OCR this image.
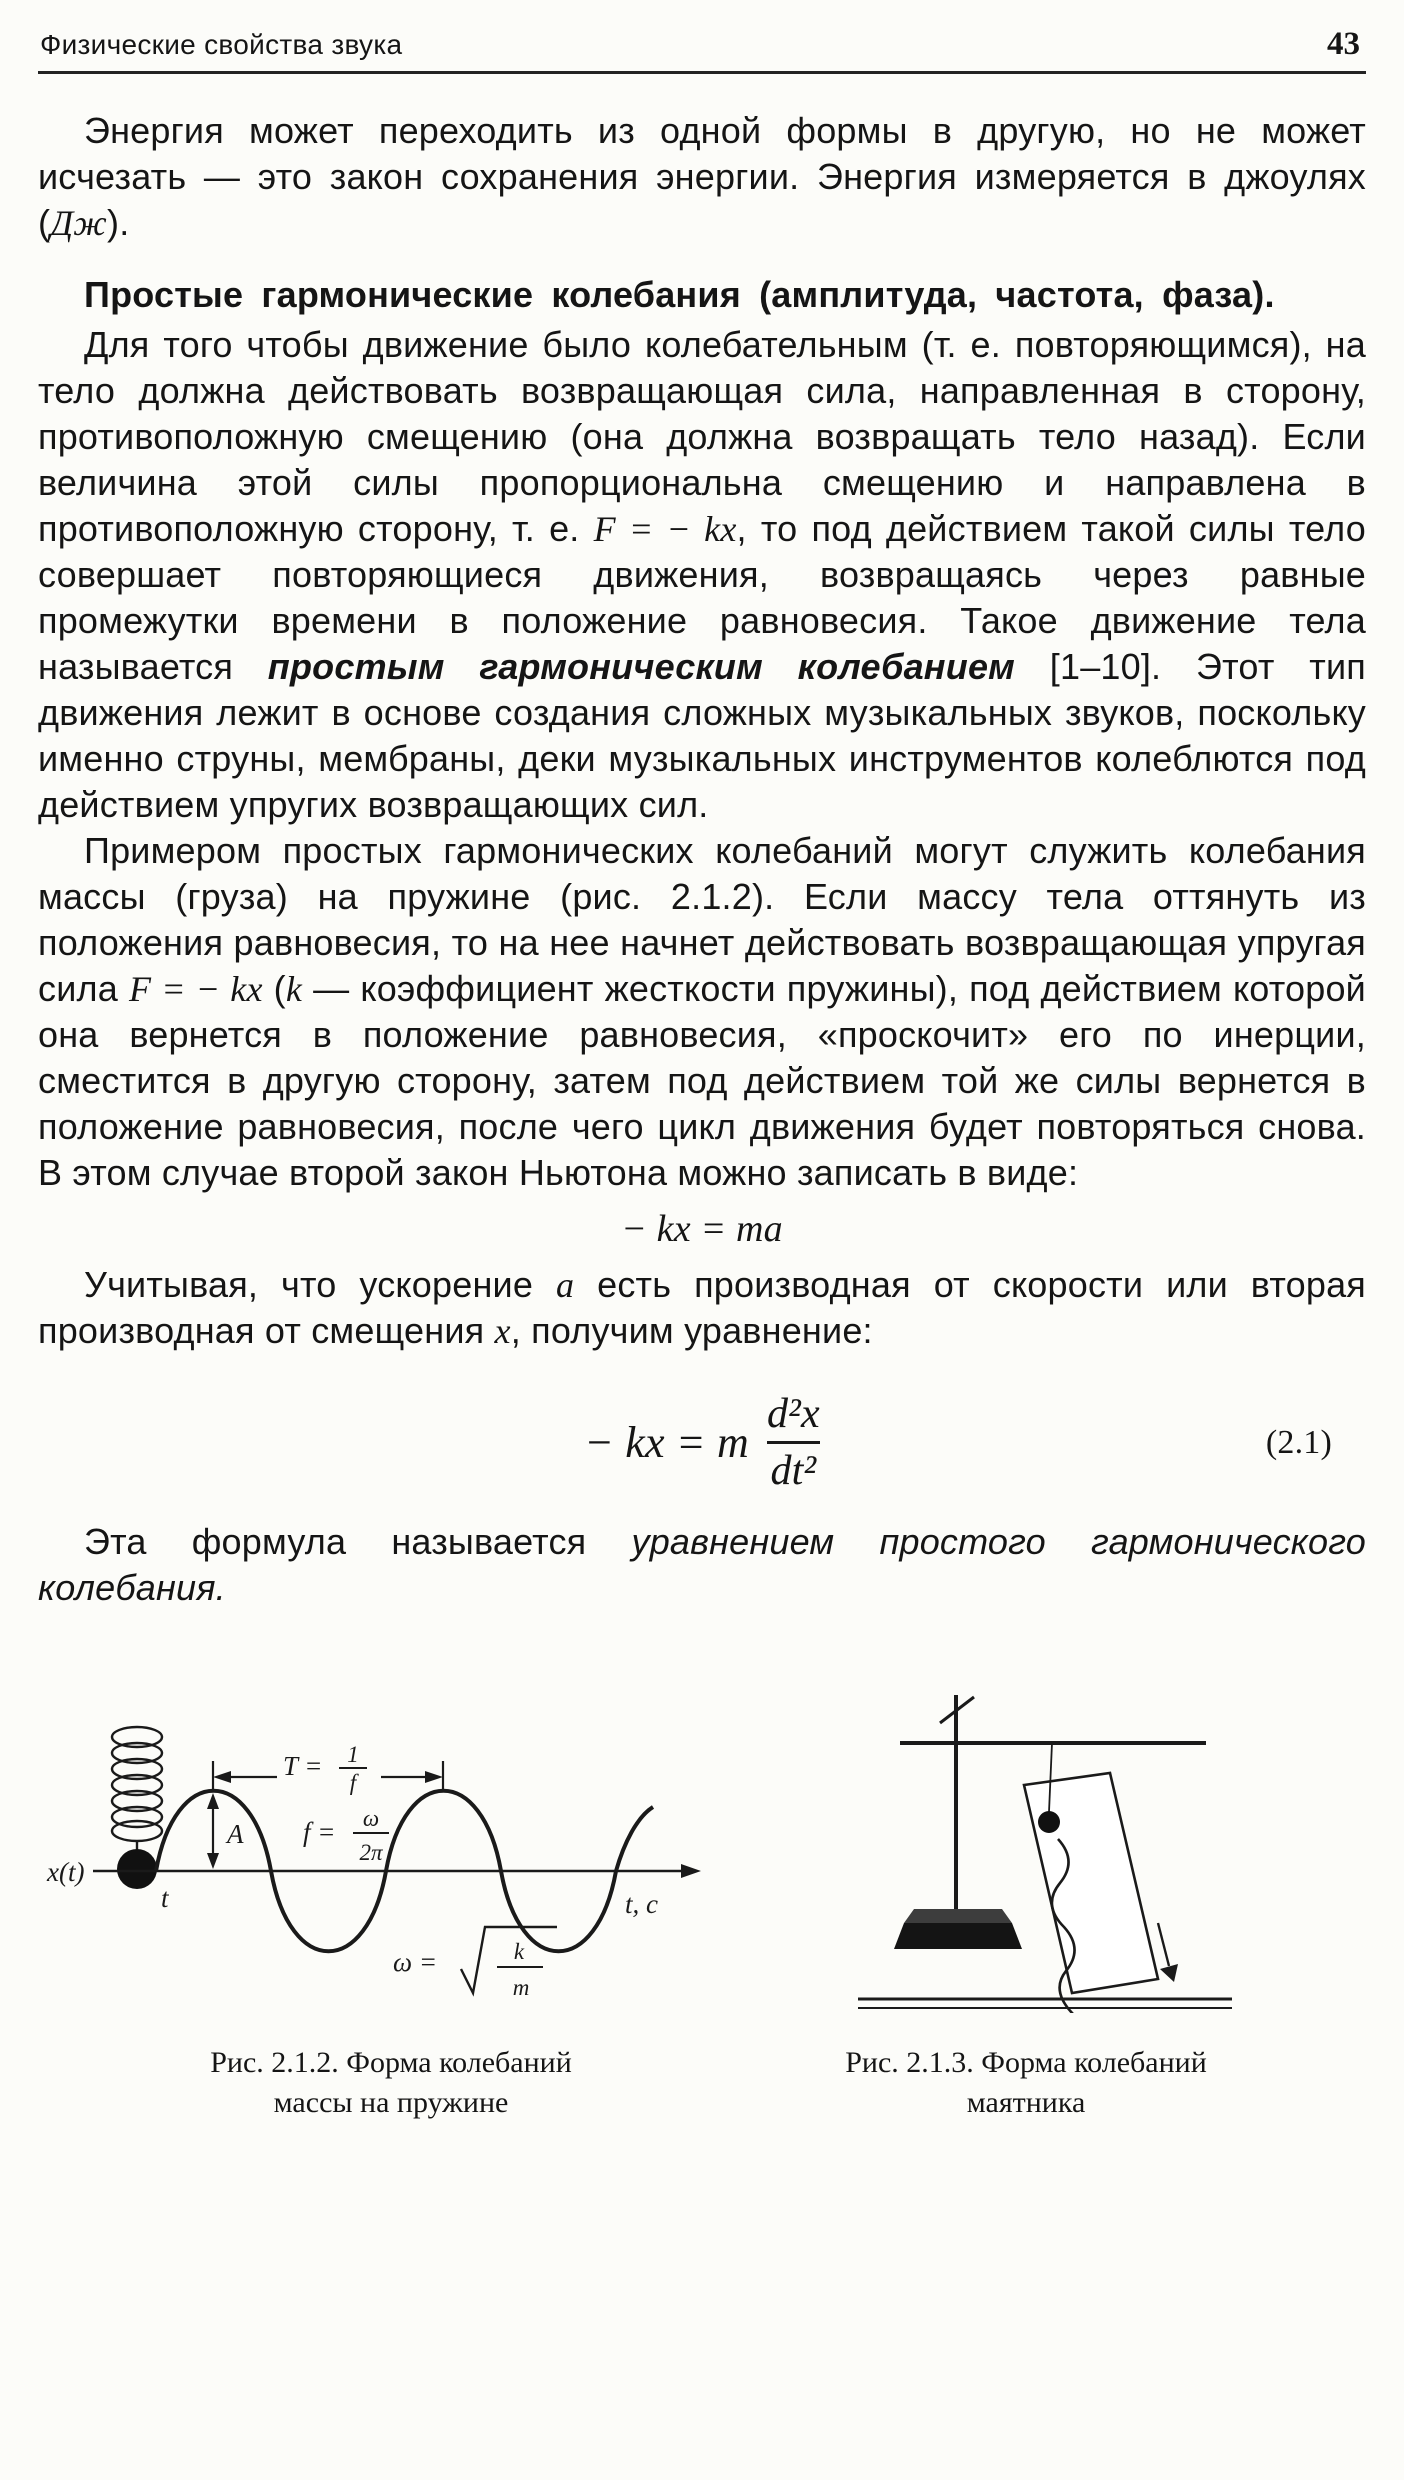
Физические свойства звука	43

Энергия может переходить из одной формы в другую, но не может исчезать — это закон сохранения энергии. Энергия измеряется в джоулях (Дж).

Простые гармонические колебания (амплитуда, частота, фаза).

Для того чтобы движение было колебательным (т. е. повторяющимся), на тело должна действовать возвращающая сила, направленная в сторону, противоположную смещению (она должна возвращать тело назад). Если величина этой силы пропорциональна смещению и направлена в противоположную сторону, т. е. F = − kx, то под действием такой силы тело совершает повторяющиеся движения, возвращаясь через равные промежутки времени в положение равновесия. Такое движение тела называется простым гармоническим колебанием [1–10]. Этот тип движения лежит в основе создания сложных музыкальных звуков, поскольку именно струны, мембраны, деки музыкальных инструментов колеблются под действием упругих возвращающих сил.

Примером простых гармонических колебаний могут служить колебания массы (груза) на пружине (рис. 2.1.2). Если массу тела оттянуть из положения равновесия, то на нее начнет действовать возвращающая упругая сила F = − kx (k — коэффициент жесткости пружины), под действием которой она вернется в положение равновесия, «проскочит» его по инерции, сместится в другую сторону, затем под действием той же силы вернется в положение равновесия, после чего цикл движения будет повторяться снова. В этом случае второй закон Ньютона можно записать в виде:

− kx = ma

Учитывая, что ускорение a есть производная от скорости или вторая производная от смещения x, получим уравнение:

− kx = m $\frac{\text{d²x}}{\text{dt²}}$	(2.1)

Эта формула называется уравнением простого гармонического колебания.

T = 1
f
A f = ω
2π
ω =	k
m
x(t)
t	t, c
Рис. 2.1.2. Форма колебаний
массы на пружине
Рис. 2.1.3. Форма колебаний
маятника
